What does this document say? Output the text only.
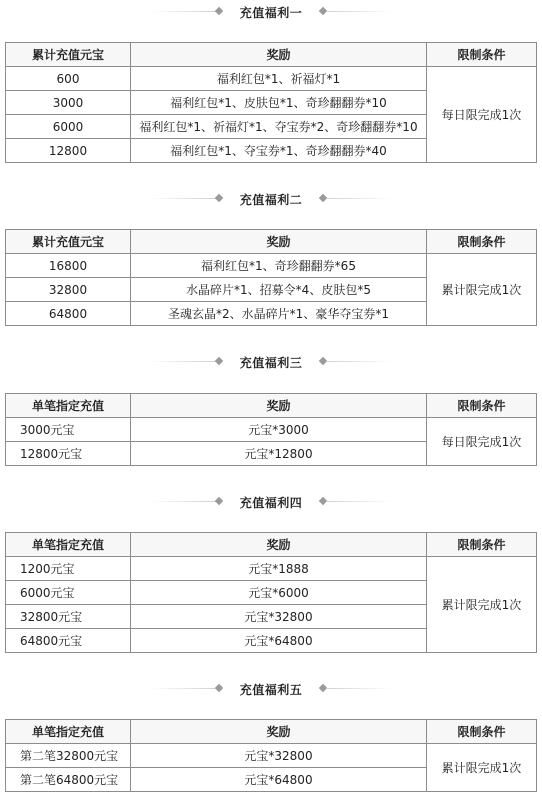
充值福利一
累计充值元宝	奖励	限制条件
600	福利红包*1、祈福灯*1	每日限完成1次
3000	福利红包*1、皮肤包*1、奇珍翻翻券*10	
6000	福利红包*1、祈福灯*1、夺宝券*2、奇珍翻翻券*10	
12800	福利红包*1、夺宝券*1、奇珍翻翻券*40	
充值福利二
累计充值元宝	奖励	限制条件
16800	福利红包*1、奇珍翻翻券*65	累计限完成1次
32800	水晶碎片*1、招募令*4、皮肤包*5	
64800	圣魂玄晶*2、水晶碎片*1、豪华夺宝券*1	
充值福利三
单笔指定充值	奖励	限制条件
3000元宝	元宝*3000	每日限完成1次
12800元宝	元宝*12800	
充值福利四
单笔指定充值	奖励	限制条件
1200元宝	元宝*1888	累计限完成1次
6000元宝	元宝*6000	
32800元宝	元宝*32800	
64800元宝	元宝*64800	
充值福利五
单笔指定充值	奖励	限制条件
第二笔32800元宝	元宝*32800	累计限完成1次
第二笔64800元宝	元宝*64800	
